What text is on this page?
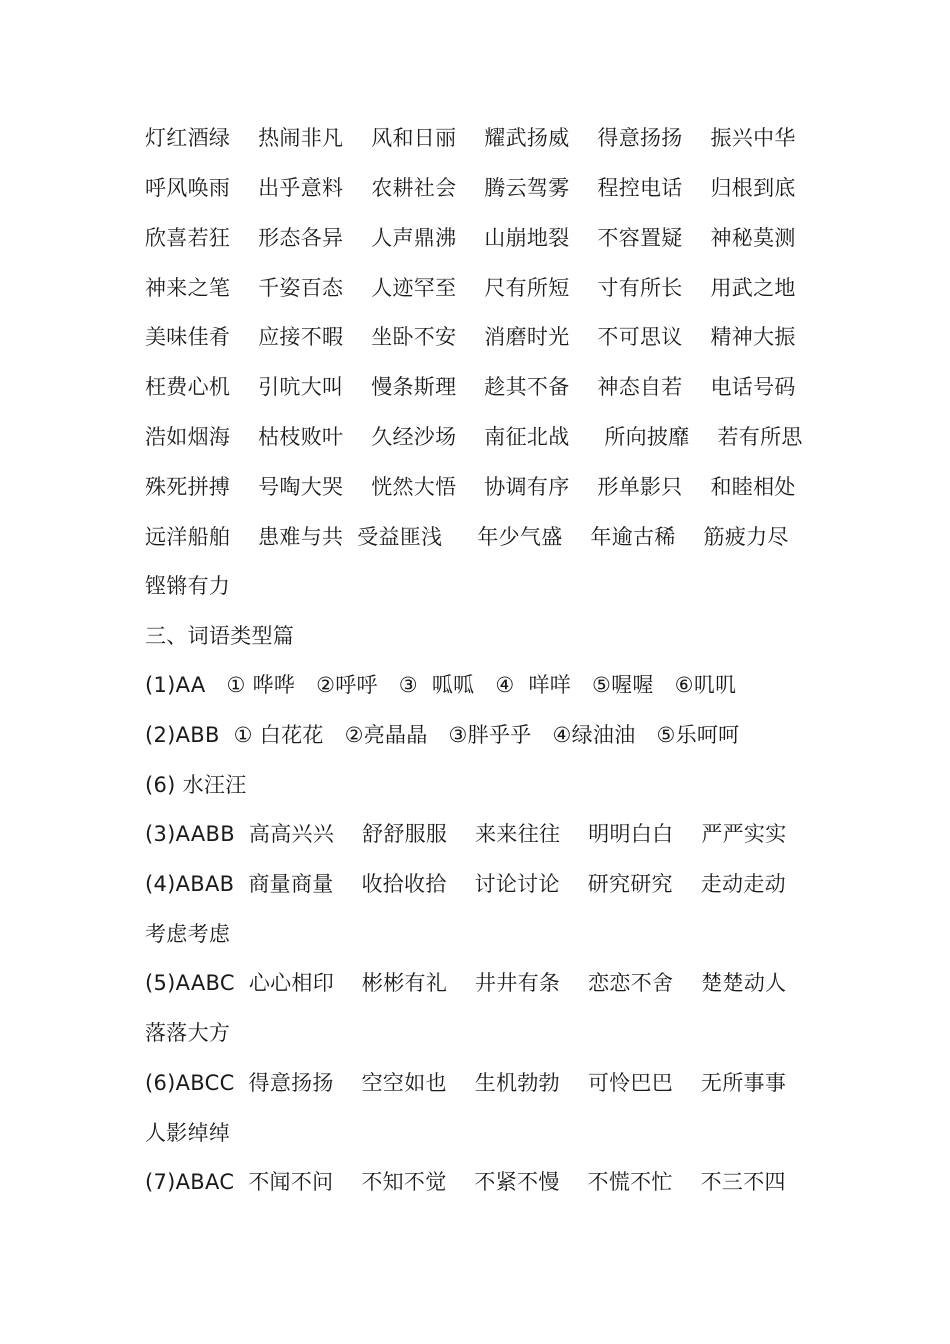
灯红酒绿    热闹非凡    风和日丽    耀武扬威    得意扬扬    振兴中华
呼风唤雨    出乎意料    农耕社会    腾云驾雾    程控电话    归根到底
欣喜若狂    形态各异    人声鼎沸    山崩地裂    不容置疑    神秘莫测
神来之笔    千姿百态    人迹罕至    尺有所短    寸有所长    用武之地
美味佳肴    应接不暇    坐卧不安    消磨时光    不可思议    精神大振
枉费心机    引吭大叫    慢条斯理    趁其不备    神态自若    电话号码
浩如烟海    枯枝败叶    久经沙场    南征北战     所向披靡    若有所思
殊死拼搏    号啕大哭    恍然大悟    协调有序    形单影只    和睦相处
远洋船舶    患难与共  受益匪浅     年少气盛    年逾古稀    筋疲力尽
铿锵有力
三、词语类型篇
(1)AA   ① 哗哗   ②呼呼   ③  呱呱   ④  咩咩   ⑤喔喔   ⑥叽叽
(2)ABB  ① 白花花   ②亮晶晶   ③胖乎乎   ④绿油油   ⑤乐呵呵
(6) 水汪汪
(3)AABB  高高兴兴    舒舒服服    来来往往    明明白白    严严实实
(4)ABAB  商量商量    收拾收拾    讨论讨论    研究研究    走动走动
考虑考虑
(5)AABC  心心相印    彬彬有礼    井井有条    恋恋不舍    楚楚动人
落落大方
(6)ABCC  得意扬扬    空空如也    生机勃勃    可怜巴巴    无所事事
人影绰绰
(7)ABAC  不闻不问    不知不觉    不紧不慢    不慌不忙    不三不四
